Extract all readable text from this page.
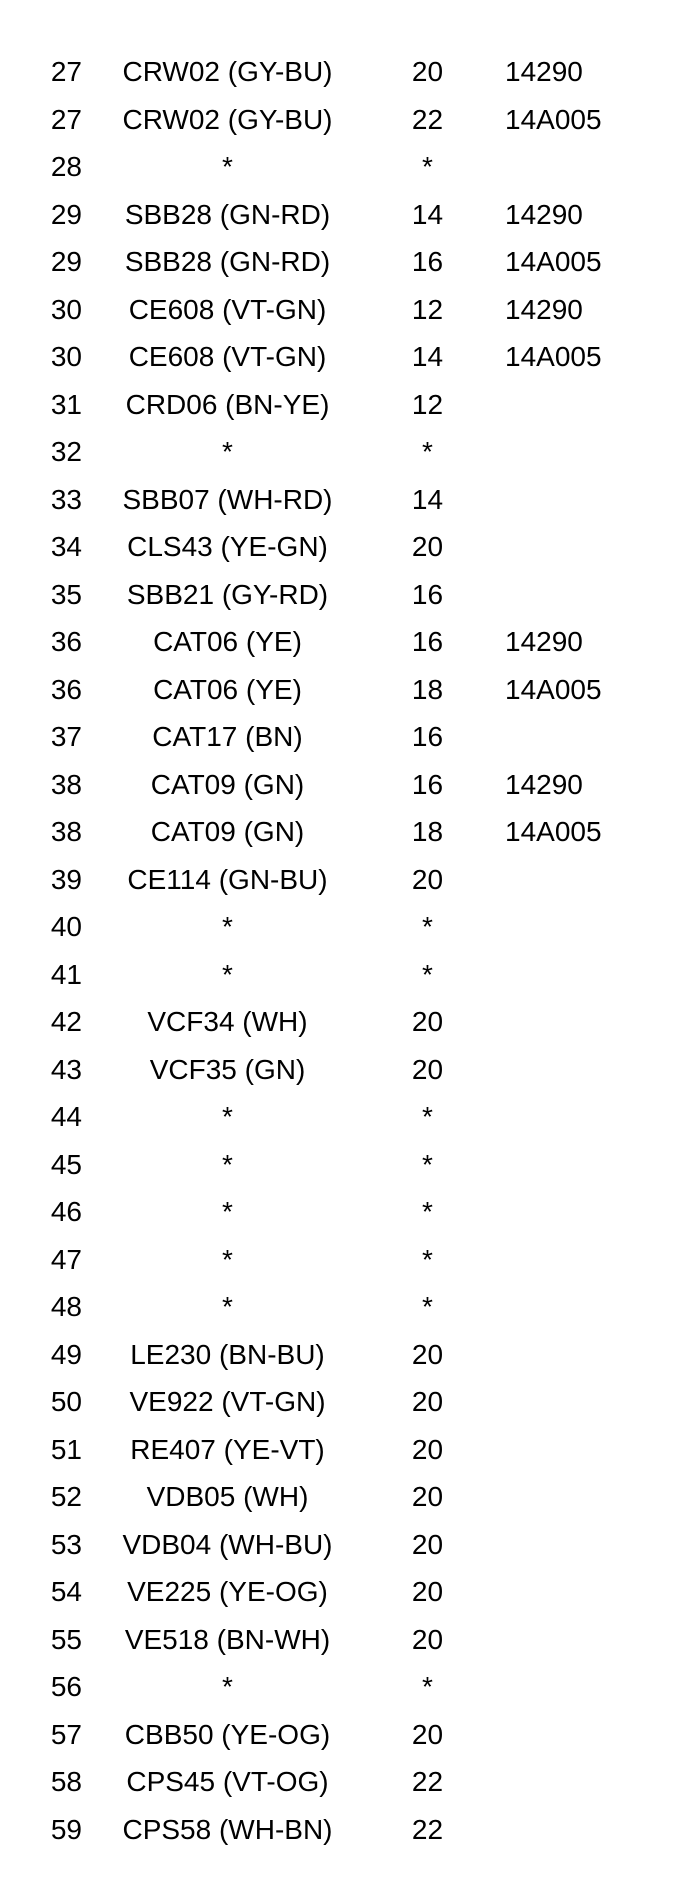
27	CRW02 (GY-BU)	20	14290
27	CRW02 (GY-BU)	22	14A005
28	*	*
29	SBB28 (GN-RD)	14	14290
29	SBB28 (GN-RD)	16	14A005
30	CE608 (VT-GN)	12	14290
30	CE608 (VT-GN)	14	14A005
31	CRD06 (BN-YE)	12
32	*	*
33	SBB07 (WH-RD)	14
34	CLS43 (YE-GN)	20
35	SBB21 (GY-RD)	16
36	CAT06 (YE)	16	14290
36	CAT06 (YE)	18	14A005
37	CAT17 (BN)	16
38	CAT09 (GN)	16	14290
38	CAT09 (GN)	18	14A005
39	CE114 (GN-BU)	20
40	*	*
41	*	*
42	VCF34 (WH)	20
43	VCF35 (GN)	20
44	*	*
45	*	*
46	*	*
47	*	*
48	*	*
49	LE230 (BN-BU)	20
50	VE922 (VT-GN)	20
51	RE407 (YE-VT)	20
52	VDB05 (WH)	20
53	VDB04 (WH-BU)	20
54	VE225 (YE-OG)	20
55	VE518 (BN-WH)	20
56	*	*
57	CBB50 (YE-OG)	20
58	CPS45 (VT-OG)	22
59	CPS58 (WH-BN)	22
